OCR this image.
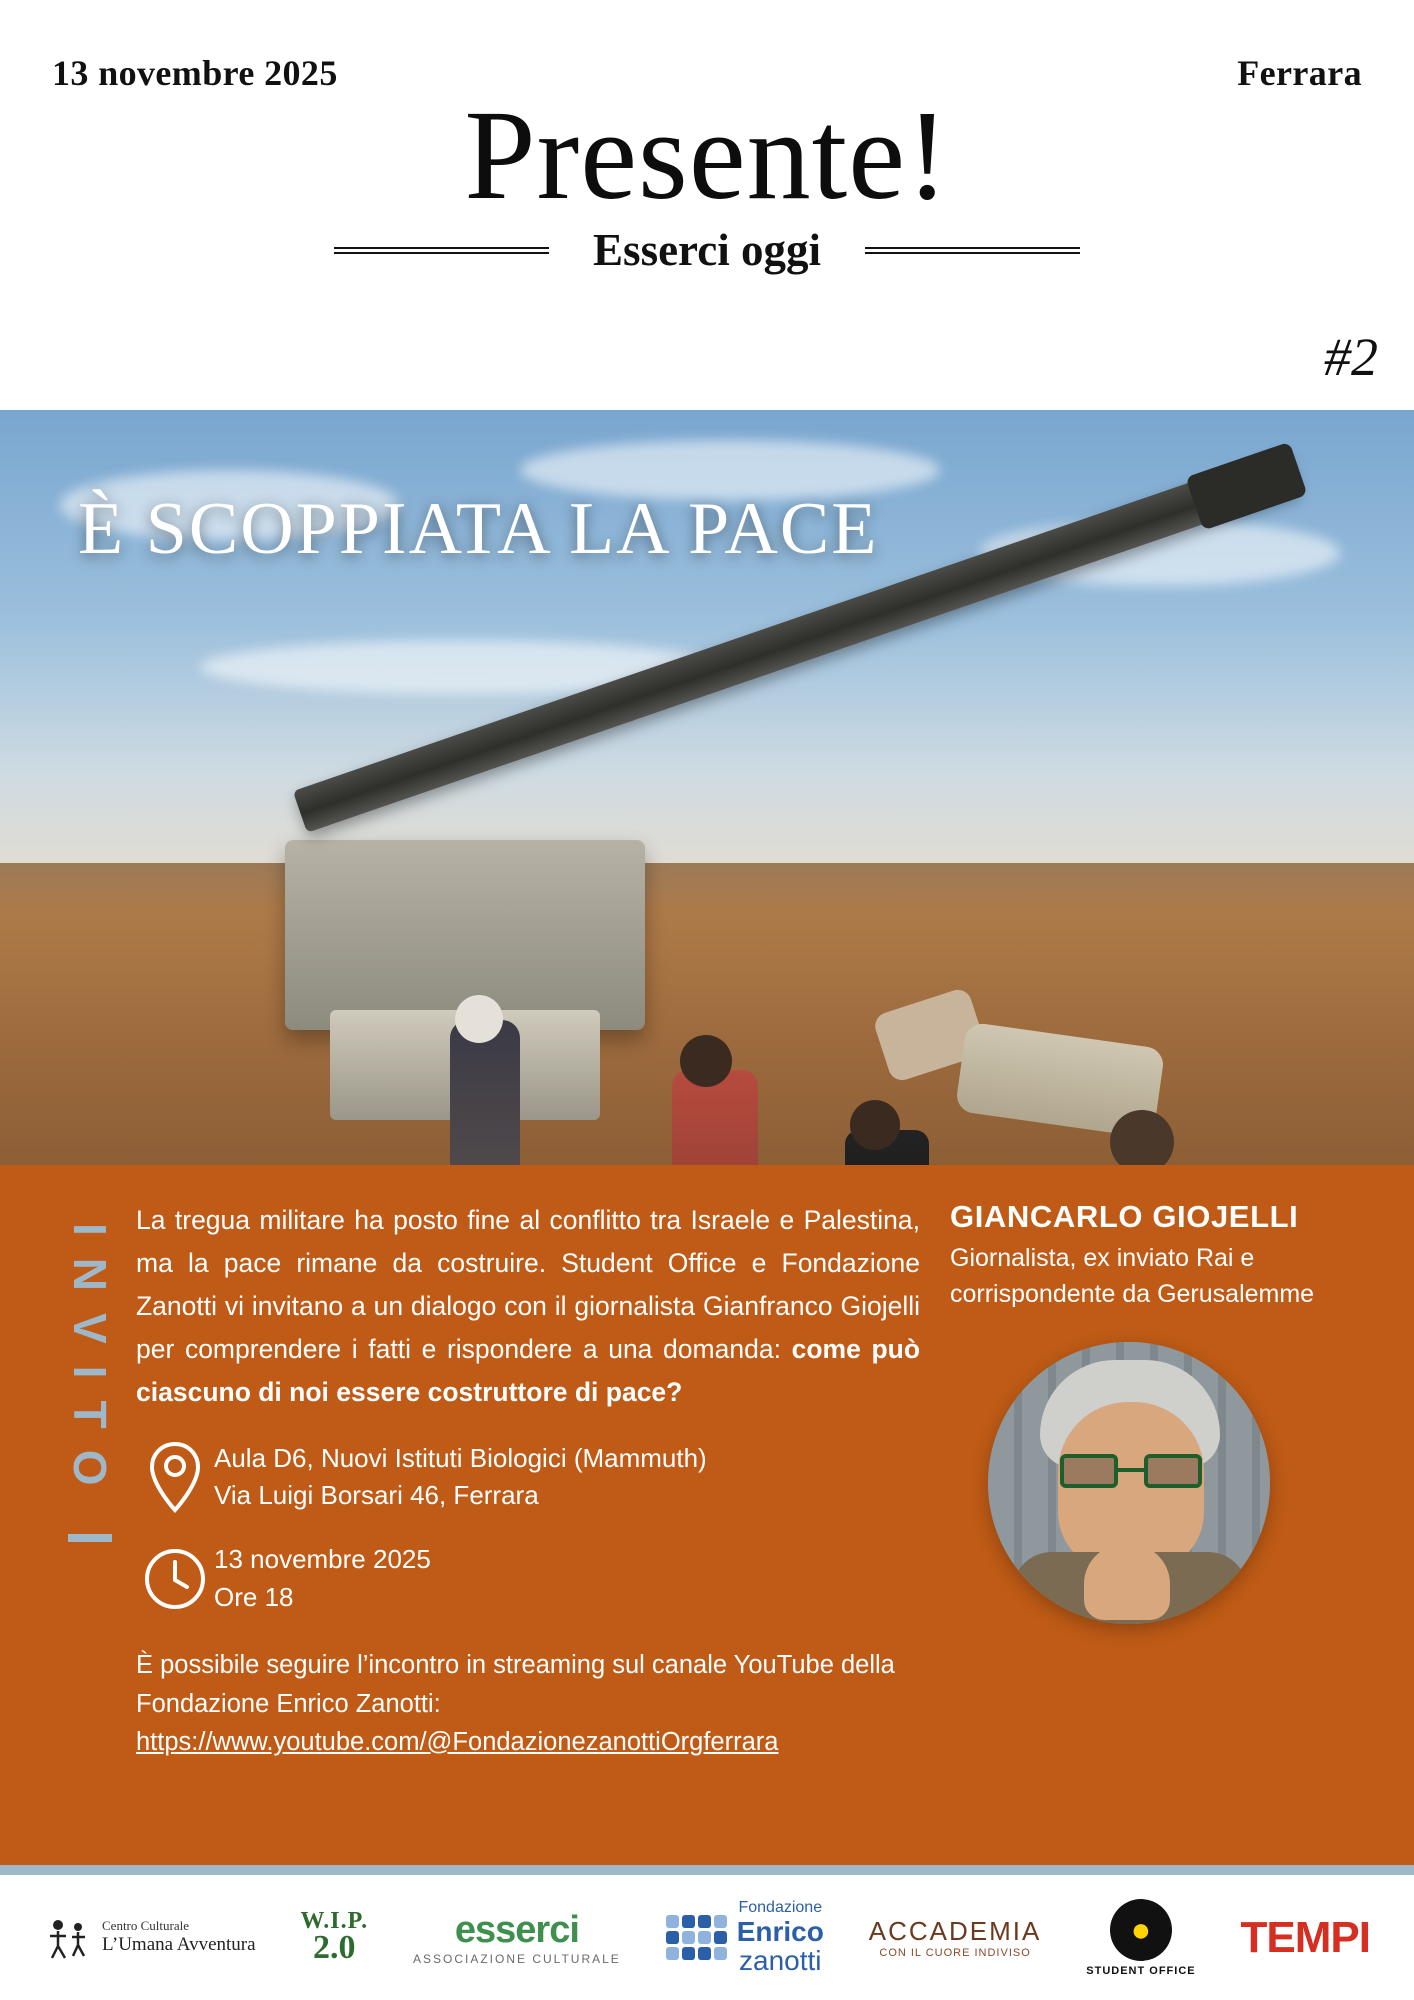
13 novembre 2025	Ferrara
Presente!
Esserci oggi
#2
È SCOPPIATA LA PACE
INVITO

La tregua militare ha posto fine al conflitto tra Israele e Palestina, ma la pace rimane da costruire. Student Office e Fondazione Zanotti vi invitano a un dialogo con il giornalista Gianfranco Giojelli per comprendere i fatti e rispondere a una domanda: come può ciascuno di noi essere costruttore di pace?

Aula D6, Nuovi Istituti Biologici (Mammuth)
Via Luigi Borsari 46, Ferrara
13 novembre 2025
Ore 18
È possibile seguire l’incontro in streaming sul canale YouTube della Fondazione Enrico Zanotti: https://www.youtube.com/@FondazionezanottiOrgferrara
GIANCARLO GIOJELLI
Giornalista, ex inviato Rai e corrispondente da Gerusalemme
Centro Culturale
L’Umana Avventura
W.I.P.
2.0	esserci
ASSOCIAZIONE CULTURALE
Fondazione
Enrico
zanotti
ACCADEMIA
CON IL CUORE INDIVISO
●
STUDENT OFFICE
TEMPI
